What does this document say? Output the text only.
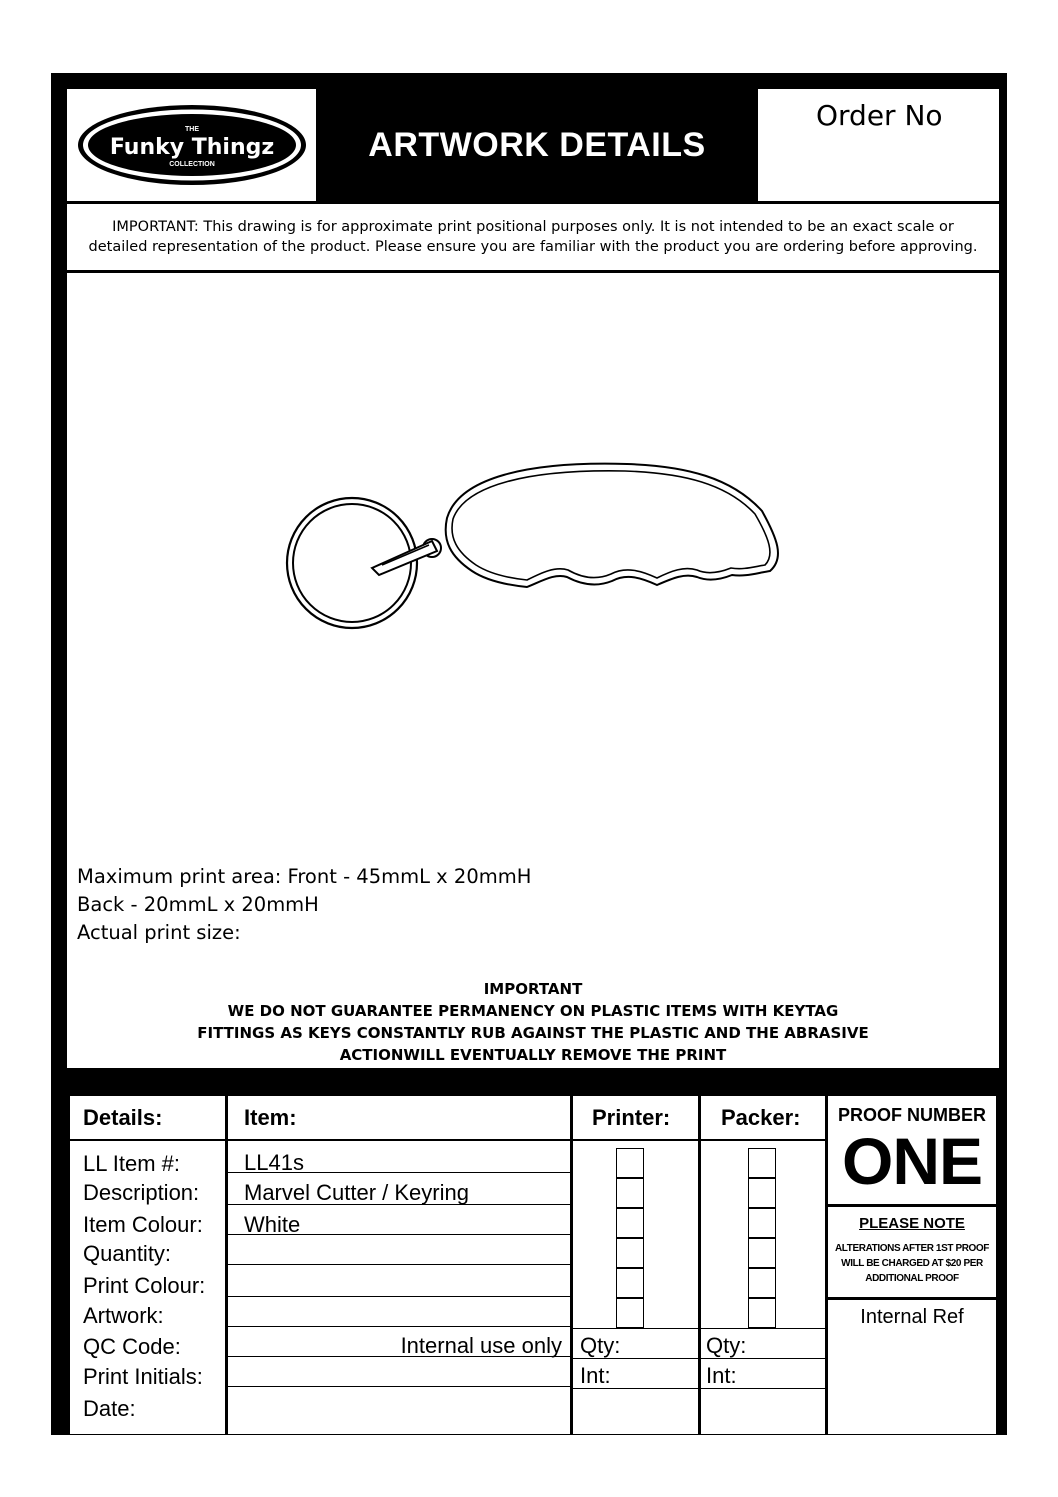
THE
Funky Thingz
COLLECTION
ARTWORK DETAILS
Order No
IMPORTANT: This drawing is for approximate print positional purposes only. It is not intended to be an exact scale or
detailed representation of the product. Please ensure you are familiar with the product you are ordering before approving.
Maximum print area: Front - 45mmL x 20mmH
Back - 20mmL x 20mmH
Actual print size:
IMPORTANT
WE DO NOT GUARANTEE PERMANENCY ON PLASTIC ITEMS WITH KEYTAG
FITTINGS AS KEYS CONSTANTLY RUB AGAINST THE PLASTIC AND THE ABRASIVE
ACTIONWILL EVENTUALLY REMOVE THE PRINT
Details:
LL Item #:
Description:
Item Colour:
Quantity:
Print Colour:
Artwork:
QC Code:
Print Initials:
Date:
Item:
LL41s
Marvel Cutter / Keyring
White
Internal use only
Printer:
Qty:
Int:
Packer:
Qty:
Int:
PROOF NUMBER
ONE
PLEASE NOTE
ALTERATIONS AFTER 1ST PROOF
WILL BE CHARGED AT $20 PER
ADDITIONAL PROOF
Internal Ref
